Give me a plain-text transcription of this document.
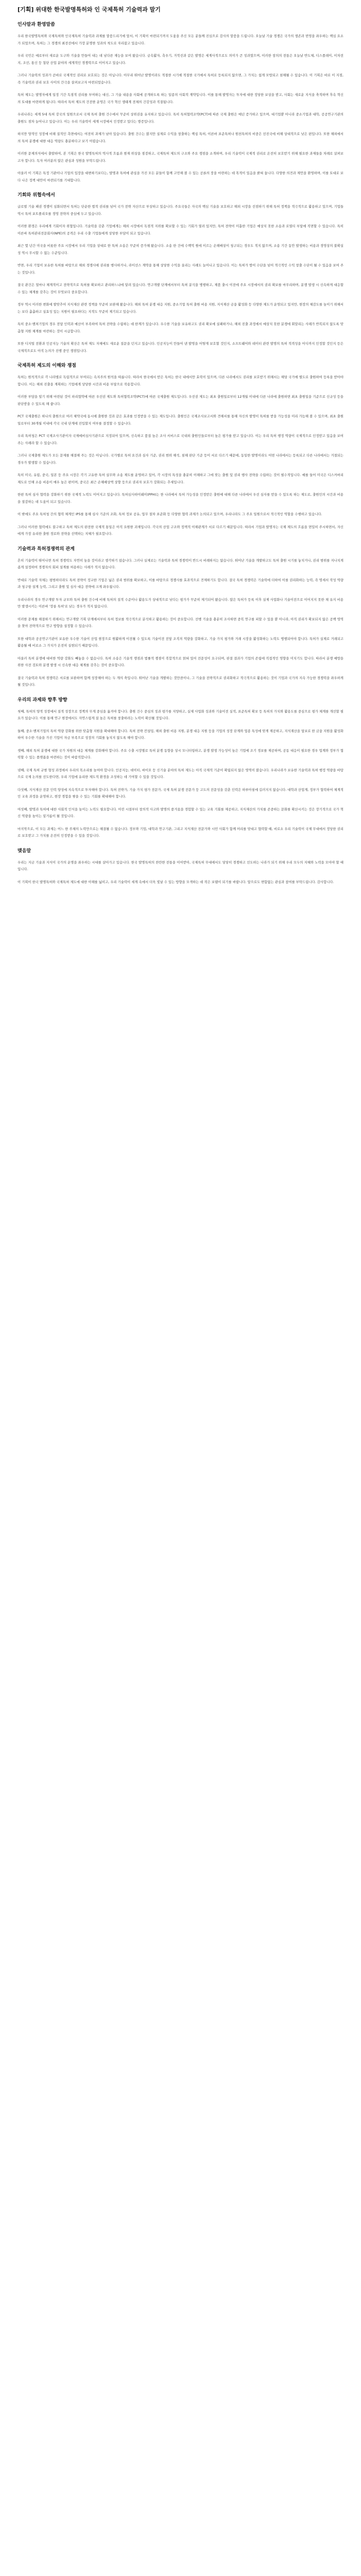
[기획] 위대한 한국발명특허와 인 국제특허 기술력과 말기
인사말과 환영말씀

우리 한국발명특허와 국제특허와 인국제특허 기술력과 과제를 말씀드리기에 앞서, 이 기획이 마련되기까지 도움을 주신 모든 분들께 진심으로 감사의 말씀을 드립니다. 오늘날 기술 경쟁은 국가의 생존과 번영을 좌우하는 핵심 요소가 되었으며, 특허는 그 경쟁의 최전선에서 가장 분명한 성과의 척도로 자리잡고 있습니다.

우리 국민은 예로부터 새로운 도구와 기술을 만들어 내는 데 남다른 재능을 보여 왔습니다. 금속활자, 측우기, 거북선과 같은 발명은 세계사적으로도 의미가 큰 성과였으며, 이러한 창의의 전통은 오늘날 반도체, 디스플레이, 이차전지, 조선, 통신 등 첨단 산업 분야의 세계적인 경쟁력으로 이어지고 있습니다.

그러나 기술력의 성과가 곧바로 국제적인 권리로 보호되는 것은 아닙니다. 아무리 뛰어난 발명이라도 적절한 시기에 적절한 국가에서 특허로 등록되지 않으면, 그 가치는 쉽게 모방되고 침해될 수 있습니다. 이 기획은 바로 이 지점, 즉 기술력과 권리 보호 사이의 간극을 살펴보고자 마련되었습니다.

특허 제도는 발명자에게 일정 기간 독점적 권리를 부여하는 대신, 그 기술 내용을 사회에 공개하도록 하는 일종의 사회적 계약입니다. 이를 통해 발명자는 투자에 대한 정당한 보상을 받고, 사회는 새로운 지식을 축적하며 후속 혁신의 토대를 마련하게 됩니다. 따라서 특허 제도의 건전한 운영은 국가 혁신 생태계 전체의 건강성과 직결됩니다.

우리나라는 세계 5대 특허 강국의 일원으로서 국제 특허 출원 건수에서 꾸준히 상위권을 유지하고 있습니다. 특히 특허협력조약(PCT)에 따른 국제 출원은 매년 증가하고 있으며, 대기업뿐 아니라 중소기업과 대학, 공공연구기관의 출원도 점차 늘어나고 있습니다. 이는 우리 기술력이 세계 시장에서 인정받고 있다는 방증입니다.

하지만 양적인 성장에 비해 질적인 측면에서는 여전히 과제가 남아 있습니다. 출원 건수는 많지만 실제로 수익을 창출하는 핵심 특허, 이른바 표준특허나 원천특허의 비중은 선진국에 비해 상대적으로 낮은 편입니다. 또한 해외에서의 특허 분쟁에 대한 대응 역량도 충분하다고 보기 어렵습니다.

이러한 문제의식에서 출발하여, 본 기획은 한국 발명특허의 역사적 흐름과 현재 위상을 점검하고, 국제특허 제도의 구조와 주요 쟁점을 소개하며, 우리 기술력이 국제적 권리로 온전히 보호받기 위해 필요한 과제들을 차례로 살펴보고자 합니다. 독자 여러분의 많은 관심과 성원을 부탁드립니다.

아울러 이 기획은 특정 기관이나 기업의 입장을 대변하기보다는, 발명과 특허에 관심을 가진 모든 분들이 함께 고민해 볼 수 있는 공론의 장을 마련하는 데 목적이 있음을 밝혀 둡니다. 다양한 의견과 제언을 환영하며, 이를 토대로 보다 나은 정책 대안이 마련되기를 기대합니다.

기회와 위협속에서

글로벌 기술 패권 경쟁이 심화되면서 특허는 단순한 법적 권리를 넘어 국가 전략 자산으로 부상하고 있습니다. 주요국들은 자국의 핵심 기술을 보호하고 해외 시장을 선점하기 위해 특허 정책을 적극적으로 활용하고 있으며, 기업들 역시 특허 포트폴리오를 경영 전략의 중심에 두고 있습니다.

이러한 환경은 우리에게 기회이자 위협입니다. 기술력을 갖춘 기업에게는 해외 시장에서 독점적 지위를 확보할 수 있는 기회가 열려 있지만, 특허 전략이 미흡한 기업은 예상치 못한 소송과 로열티 부담에 직면할 수 있습니다. 특히 이른바 특허관리전문회사(NPE)의 공격은 우리 수출 기업들에게 상당한 부담이 되고 있습니다.

최근 몇 년간 미국을 비롯한 주요 시장에서 우리 기업을 상대로 한 특허 소송은 꾸준히 증가해 왔습니다. 소송 한 건에 수백억 원에 이르는 손해배상이 청구되는 경우도 적지 않으며, 소송 기간 동안 발생하는 비용과 경영상의 불확실성 역시 무시할 수 없는 수준입니다.

반면, 우리 기업이 보유한 특허를 바탕으로 해외 경쟁사에 권리를 행사하거나, 라이선스 계약을 통해 상당한 수익을 올리는 사례도 늘어나고 있습니다. 이는 특허가 방어 수단을 넘어 적극적인 수익 창출 수단이 될 수 있음을 보여 주는 것입니다.

결국 관건은 얼마나 체계적이고 전략적으로 특허를 확보하고 관리하느냐에 달려 있습니다. 연구개발 단계에서부터 특허 분석을 병행하고, 제품 출시 이전에 주요 시장에서의 권리 확보를 마무리하며, 분쟁 발생 시 신속하게 대응할 수 있는 체계를 갖추는 것이 무엇보다 중요합니다.

정부 역시 이러한 변화에 발맞추어 지식재산 관련 정책을 꾸준히 보완해 왔습니다. 해외 특허 분쟁 대응 지원, 중소기업 특허 출원 비용 지원, 지식재산 금융 활성화 등 다양한 제도가 운영되고 있지만, 현장의 체감도를 높이기 위해서는 보다 촘촘하고 실효성 있는 지원이 필요하다는 지적도 꾸준히 제기되고 있습니다.

특히 중소·벤처기업의 경우 전담 인력과 예산이 부족하여 특허 전략을 수립하는 데 한계가 있습니다. 우수한 기술을 보유하고도 권리 확보에 실패하거나, 해외 진출 과정에서 예상치 못한 분쟁에 휘말리는 사례가 반복되지 않도록 맞춤형 지원 체계를 마련하는 것이 시급합니다.

또한 디지털 전환과 인공지능 기술의 확산은 특허 제도 자체에도 새로운 질문을 던지고 있습니다. 인공지능이 만들어 낸 발명을 어떻게 보호할 것인지, 소프트웨어와 데이터 관련 발명의 특허 적격성을 어디까지 인정할 것인지 등은 국제적으로도 아직 논의가 진행 중인 쟁점입니다.

국제특허 제도의 이해와 쟁점

특허는 원칙적으로 각 나라별로 독립적으로 부여되는 속지주의 원칙을 따릅니다. 따라서 한국에서 받은 특허는 한국 내에서만 효력이 있으며, 다른 나라에서도 권리를 보호받기 위해서는 해당 국가에 별도로 출원하여 등록을 받아야 합니다. 이는 해외 진출을 계획하는 기업에게 상당한 시간과 비용 부담으로 작용합니다.

이러한 부담을 덜기 위해 마련된 것이 파리협약에 따른 우선권 제도와 특허협력조약(PCT)에 따른 국제출원 제도입니다. 우선권 제도는 최초 출원일로부터 12개월 이내에 다른 나라에 출원하면 최초 출원일을 기준으로 신규성 등을 판단받을 수 있도록 해 줍니다.

PCT 국제출원은 하나의 출원으로 여러 체약국에 동시에 출원한 것과 같은 효과를 인정받을 수 있는 제도입니다. 출원인은 국제조사보고서와 견해서를 통해 자신의 발명이 특허를 받을 가능성을 미리 가늠해 볼 수 있으며, 최초 출원일로부터 30개월 이내에 각국 국내 단계에 진입할지 여부를 결정할 수 있습니다.

우리 특허청은 PCT 국제조사기관이자 국제예비심사기관으로 지정되어 있으며, 신속하고 품질 높은 조사 서비스로 국내외 출원인들로부터 높은 평가를 받고 있습니다. 이는 우리 특허 행정 역량이 국제적으로 인정받고 있음을 보여 주는 사례라 할 수 있습니다.

그러나 국제출원 제도가 모든 문제를 해결해 주는 것은 아닙니다. 국가별로 특허 요건과 심사 기준, 권리 범위 해석, 침해 판단 기준 등이 서로 다르기 때문에, 동일한 발명이라도 어떤 나라에서는 등록되고 다른 나라에서는 거절되는 경우가 발생할 수 있습니다.

특히 미국, 유럽, 중국, 일본 등 주요 시장은 각기 고유한 특허 실무와 소송 제도를 운영하고 있어, 각 시장의 특성을 충분히 이해하고 그에 맞는 출원 및 권리 행사 전략을 수립하는 것이 필수적입니다. 예를 들어 미국은 디스커버리 제도로 인해 소송 비용이 매우 높은 편이며, 중국은 최근 손해배상액 상향 등으로 권리자 보호가 강화되는 추세입니다.

한편 특허 심사 협력을 강화하기 위한 국제적 노력도 이어지고 있습니다. 특허심사하이웨이(PPH)는 한 나라에서 특허 가능성을 인정받은 출원에 대해 다른 나라에서 우선 심사를 받을 수 있도록 하는 제도로, 출원인의 시간과 비용을 절감하는 데 도움이 되고 있습니다.

이 밖에도 주요 특허청 간의 협력 체계인 IP5를 통해 심사 기준의 조화, 특허 정보 공유, 업무 절차 표준화 등 다양한 협력 과제가 논의되고 있으며, 우리나라도 그 주요 일원으로서 적극적인 역할을 수행하고 있습니다.

그러나 이러한 협력에도 불구하고 특허 제도의 완전한 국제적 통일은 아직 요원한 과제입니다. 각국의 산업 구조와 정책적 이해관계가 서로 다르기 때문입니다. 따라서 기업과 발명자는 국제 제도의 흐름을 면밀히 주시하면서, 자신에게 가장 유리한 출원 경로와 전략을 선택하는 지혜가 필요합니다.

기술력과 특허경쟁력의 관계

흔히 기술력이 뛰어나면 특허 경쟁력도 자연히 높을 것이라고 생각하기 쉽습니다. 그러나 실제로는 기술력과 특허 경쟁력이 반드시 비례하지는 않습니다. 뛰어난 기술을 개발하고도 특허 출원 시기를 놓치거나, 권리 범위를 지나치게 좁게 설정하여 경쟁자의 회피 설계를 허용하는 사례가 적지 않습니다.

반대로 기술력 자체는 평범하더라도 특허 전략이 정교한 기업은 넓은 권리 범위를 확보하고, 이를 바탕으로 경쟁사를 효과적으로 견제하기도 합니다. 결국 특허 경쟁력은 기술력에 더하여 이를 권리화하는 능력, 즉 명세서 작성 역량과 청구항 설계 능력, 그리고 출원 및 심사 대응 전략에 크게 좌우됩니다.

우리나라의 경우 연구개발 투자 규모와 특허 출원 건수에 비해 특허의 질적 수준이나 활용도가 상대적으로 낮다는 평가가 꾸준히 제기되어 왔습니다. 많은 특허가 등록 이후 실제 사업화나 기술이전으로 이어지지 못한 채 유지 비용만 발생시키는 이른바 '장롱 특허'로 남는 경우가 적지 않습니다.

이러한 문제를 해결하기 위해서는 연구개발 기획 단계에서부터 특허 정보를 적극적으로 분석하고 활용하는 것이 중요합니다. 선행 기술을 충분히 조사하면 중복 연구를 피할 수 있을 뿐 아니라, 아직 권리가 확보되지 않은 공백 영역을 찾아 전략적으로 연구 방향을 설정할 수 있습니다.

또한 대학과 공공연구기관이 보유한 우수한 기술이 산업 현장으로 원활하게 이전될 수 있도록 기술이전 전담 조직의 역량을 강화하고, 기술 가치 평가와 거래 시장을 활성화하는 노력도 병행되어야 합니다. 특허가 실제로 거래되고 활용될 때 비로소 그 가치가 온전히 실현되기 때문입니다.

아울러 특허 분쟁에 대비한 역량 강화도 빼놓을 수 없습니다. 특허 소송은 기술적 쟁점과 법률적 쟁점이 복합적으로 얽혀 있어 전문성이 요구되며, 판결 결과가 기업의 존립에 직접적인 영향을 미치기도 합니다. 따라서 분쟁 예방을 위한 사전 검토와 분쟁 발생 시 신속한 대응 체계를 갖추는 것이 중요합니다.

결국 기술력과 특허 경쟁력은 서로를 보완하며 함께 성장해야 하는 두 개의 축입니다. 뛰어난 기술을 개발하는 것만큼이나, 그 기술을 전략적으로 권리화하고 적극적으로 활용하는 것이 기업과 국가의 지속 가능한 경쟁력을 좌우하게 될 것입니다.

우리의 과제와 향후 방향

첫째, 특허의 양적 성장에서 질적 성장으로 정책의 무게 중심을 옮겨야 합니다. 출원 건수 중심의 성과 평가를 지양하고, 실제 사업화 성과와 기술이전 실적, 표준특허 확보 등 특허의 가치와 활용도를 중심으로 평가 체계를 개선할 필요가 있습니다. 이를 통해 연구 현장에서도 자연스럽게 질 높은 특허를 창출하려는 노력이 확산될 것입니다.

둘째, 중소·벤처기업의 특허 역량 강화를 위한 맞춤형 지원을 확대해야 합니다. 특허 전략 컨설팅, 해외 출원 비용 지원, 분쟁 대응 지원 등을 기업의 성장 단계와 업종 특성에 맞게 제공하고, 지식재산을 담보로 한 금융 지원을 활성화하여 우수한 기술을 가진 기업이 자금 부족으로 성장의 기회를 놓치지 않도록 해야 합니다.

셋째, 해외 특허 분쟁에 대한 국가 차원의 대응 체계를 강화해야 합니다. 주요 수출 시장별로 특허 분쟁 동향을 상시 모니터링하고, 분쟁 발생 가능성이 높은 기업에 조기 경보를 제공하며, 공동 대응이 필요한 경우 업계와 정부가 협력할 수 있는 플랫폼을 마련하는 것이 바람직합니다.

넷째, 국제 특허 규범 형성 과정에서 우리의 목소리를 높여야 합니다. 인공지능, 데이터, 바이오 등 신기술 분야의 특허 제도는 아직 국제적 기준이 확립되지 않은 영역이 많습니다. 우리나라가 보유한 기술력과 특허 행정 역량을 바탕으로 국제 논의를 선도한다면, 우리 기업에 유리한 제도적 환경을 조성하는 데 기여할 수 있을 것입니다.

다섯째, 지식재산 전문 인력 양성에 지속적으로 투자해야 합니다. 특허 전략가, 기술 가치 평가 전문가, 국제 특허 분쟁 전문가 등 고도의 전문성을 갖춘 인력은 하루아침에 길러지지 않습니다. 대학과 산업계, 정부가 협력하여 체계적인 교육 과정을 운영하고, 현장 경험을 쌓을 수 있는 기회를 확대해야 합니다.

여섯째, 발명과 특허에 대한 사회적 인식을 높이는 노력도 필요합니다. 어린 시절부터 창의적 사고와 발명의 즐거움을 경험할 수 있는 교육 기회를 제공하고, 지식재산의 가치를 존중하는 문화를 확산시키는 것은 장기적으로 국가 혁신 역량을 높이는 밑거름이 될 것입니다.

마지막으로, 이 모든 과제는 어느 한 주체의 노력만으로는 해결될 수 없습니다. 정부와 기업, 대학과 연구기관, 그리고 지식재산 전문가와 시민 사회가 함께 머리를 맞대고 협력할 때, 비로소 우리 기술력이 국제 무대에서 정당한 권리로 보호받고 그 가치를 온전히 인정받을 수 있을 것입니다.

맺음말

우리는 지금 기술과 지식이 국가의 운명을 좌우하는 시대를 살아가고 있습니다. 한국 발명특허의 찬란한 전통을 이어받아, 국제특허 무대에서도 당당히 경쟁하고 선도하는 나라가 되기 위해 우리 모두의 지혜와 노력을 모아야 할 때입니다.

이 기획이 한국 발명특허와 국제특허 제도에 대한 이해를 넓히고, 우리 기술력이 세계 속에서 더욱 빛날 수 있는 방향을 모색하는 데 작은 보탬이 되기를 바랍니다. 앞으로도 변함없는 관심과 참여를 부탁드립니다. 감사합니다.
